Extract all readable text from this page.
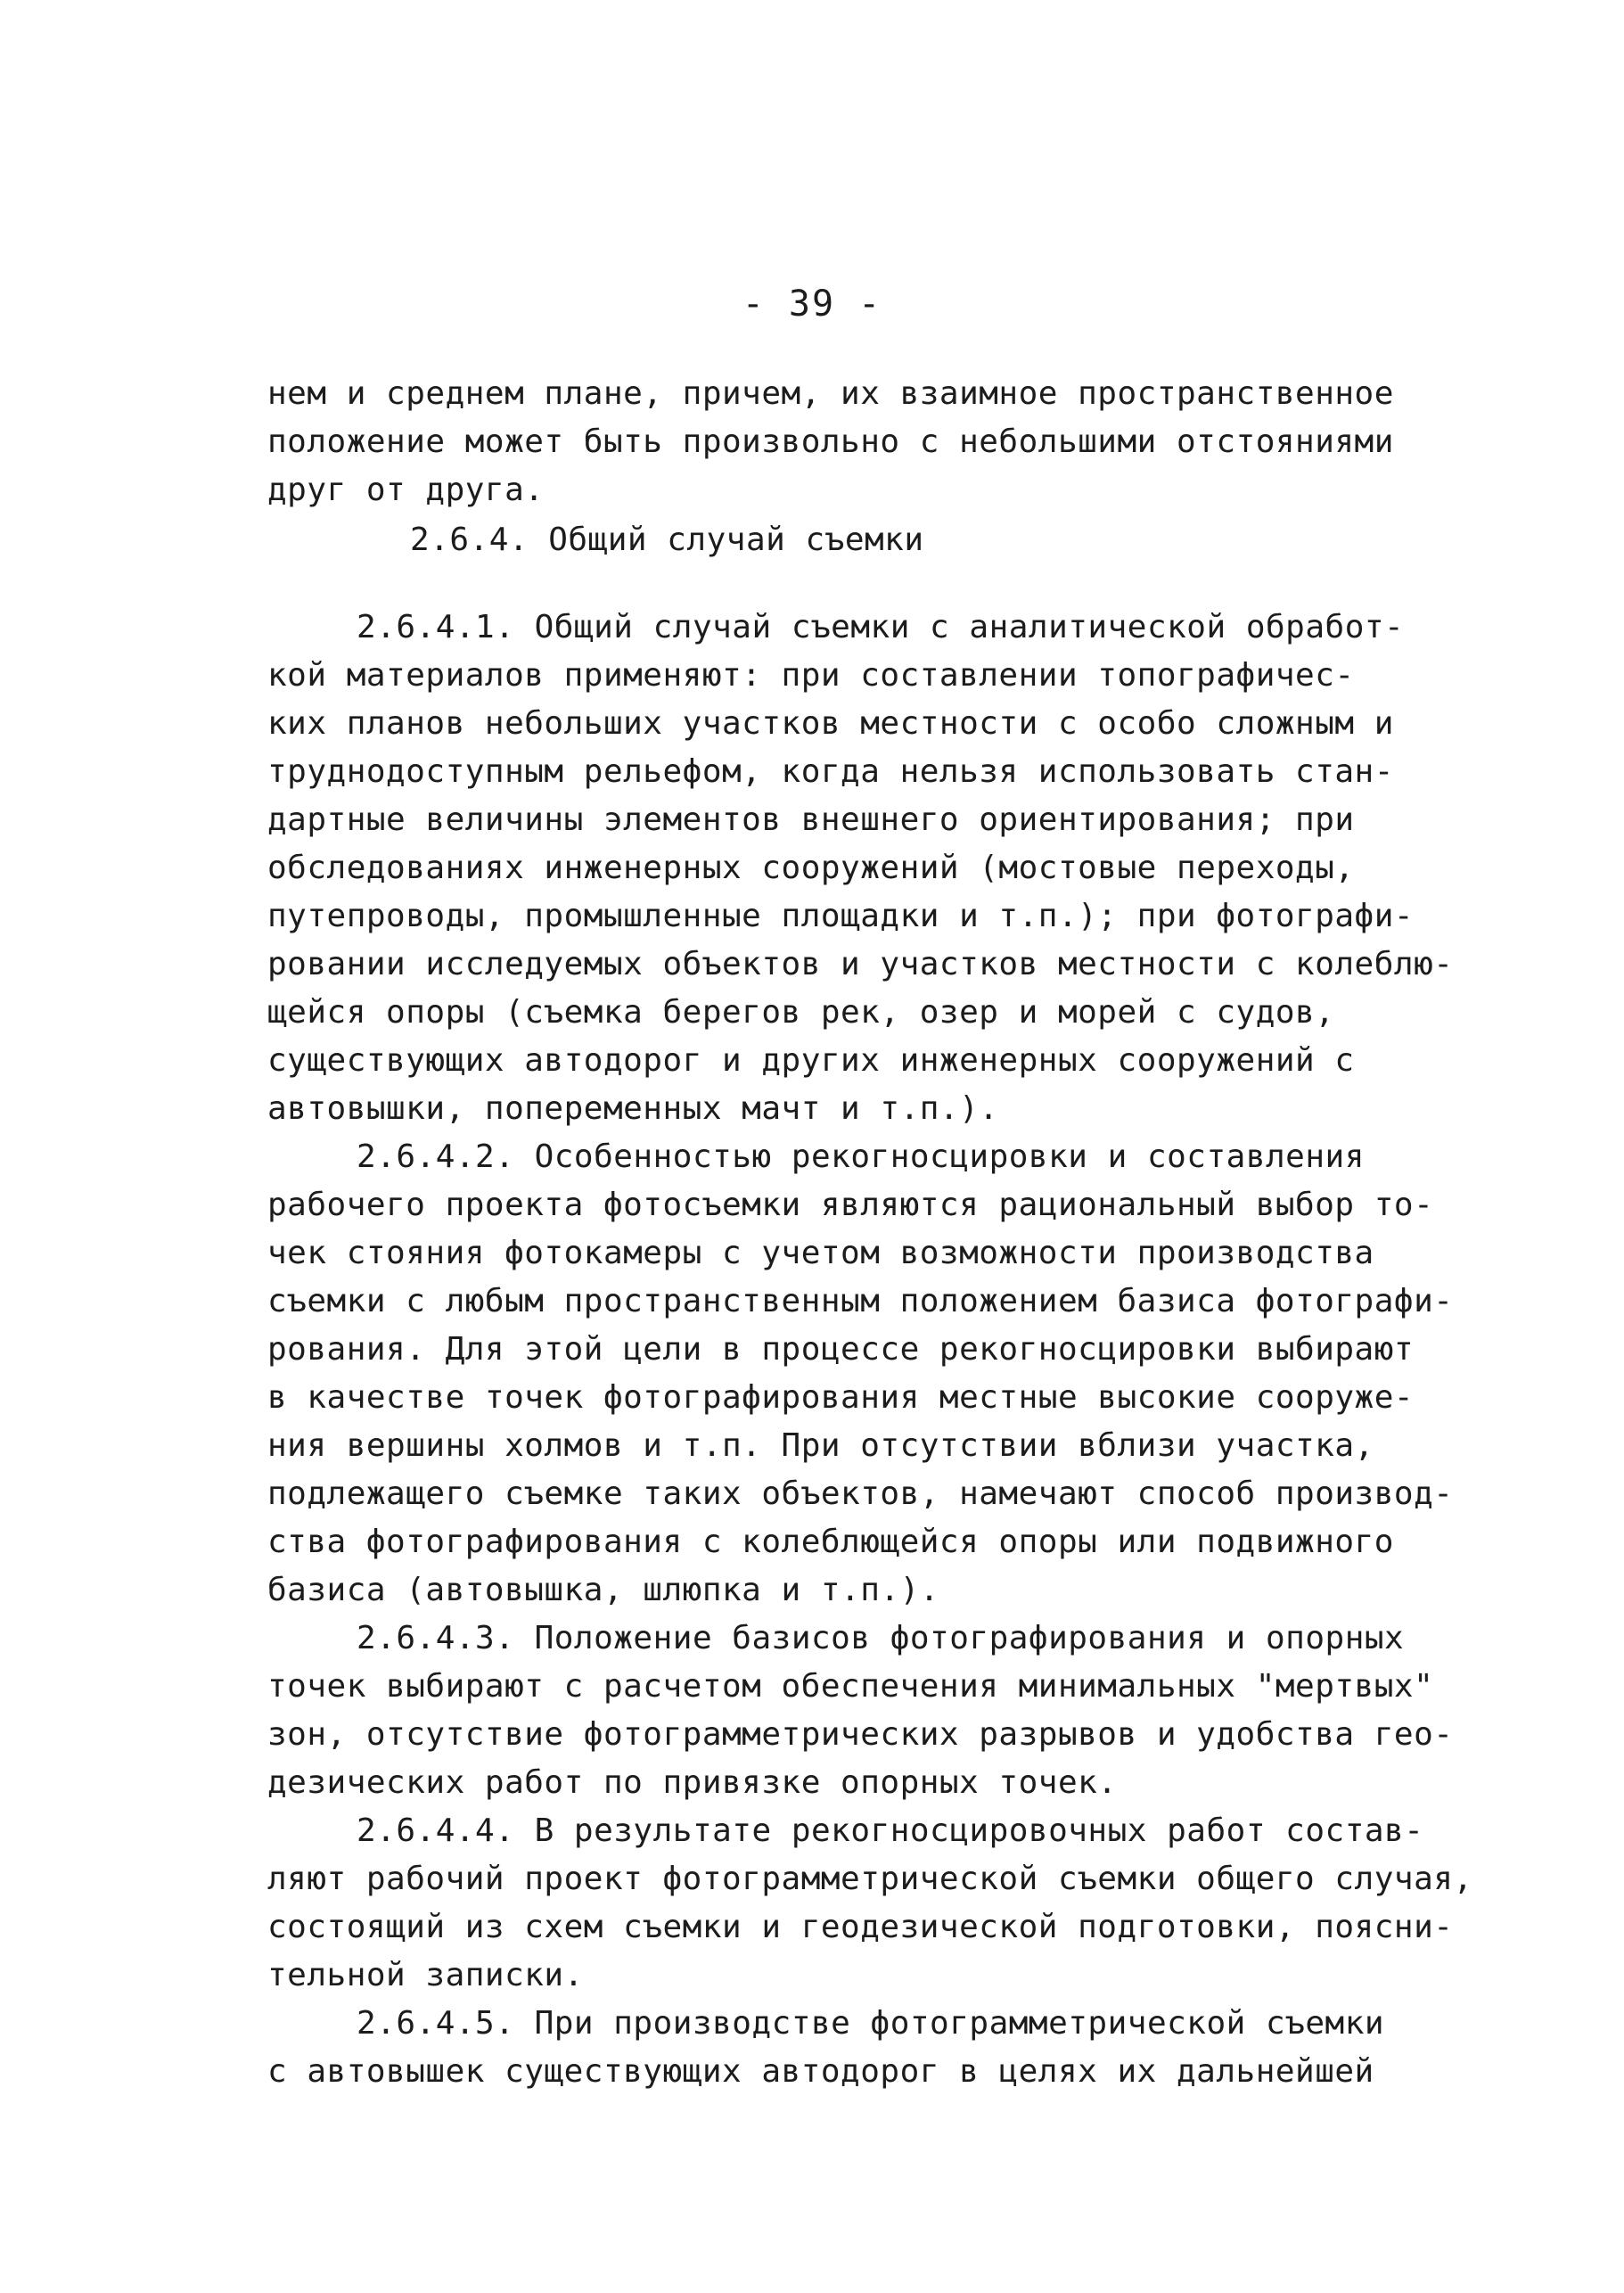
- 39 -
нем и среднем плане, причем, их взаимное пространственное
положение может быть произвольно с небольшими отстояниями
друг от друга.
2.6.4. Общий случай съемки
2.6.4.1. Общий случай съемки с аналитической обработ-
кой материалов применяют: при составлении топографичес-
ких планов небольших участков местности с особо сложным и
труднодоступным рельефом, когда нельзя использовать стан-
дартные величины элементов внешнего ориентирования; при
обследованиях инженерных сооружений (мостовые переходы,
путепроводы, промышленные площадки и т.п.); при фотографи-
ровании исследуемых объектов и участков местности с колеблю-
щейся опоры (съемка берегов рек, озер и морей с судов,
существующих автодорог и других инженерных сооружений с
автовышки, попеременных мачт и т.п.).
2.6.4.2. Особенностью рекогносцировки и составления
рабочего проекта фотосъемки являются рациональный выбор то-
чек стояния фотокамеры с учетом возможности производства
съемки с любым пространственным положением базиса фотографи-
рования. Для этой цели в процессе рекогносцировки выбирают
в качестве точек фотографирования местные высокие сооруже-
ния вершины холмов и т.п. При отсутствии вблизи участка,
подлежащего съемке таких объектов, намечают способ производ-
ства фотографирования с колеблющейся опоры или подвижного
базиса (автовышка, шлюпка и т.п.).
2.6.4.3. Положение базисов фотографирования и опорных
точек выбирают с расчетом обеспечения минимальных "мертвых"
зон, отсутствие фотограмметрических разрывов и удобства гео-
дезических работ по привязке опорных точек.
2.6.4.4. В результате рекогносцировочных работ состав-
ляют рабочий проект фотограмметрической съемки общего случая,
состоящий из схем съемки и геодезической подготовки, поясни-
тельной записки.
2.6.4.5. При производстве фотограмметрической съемки
с автовышек существующих автодорог в целях их дальнейшей
